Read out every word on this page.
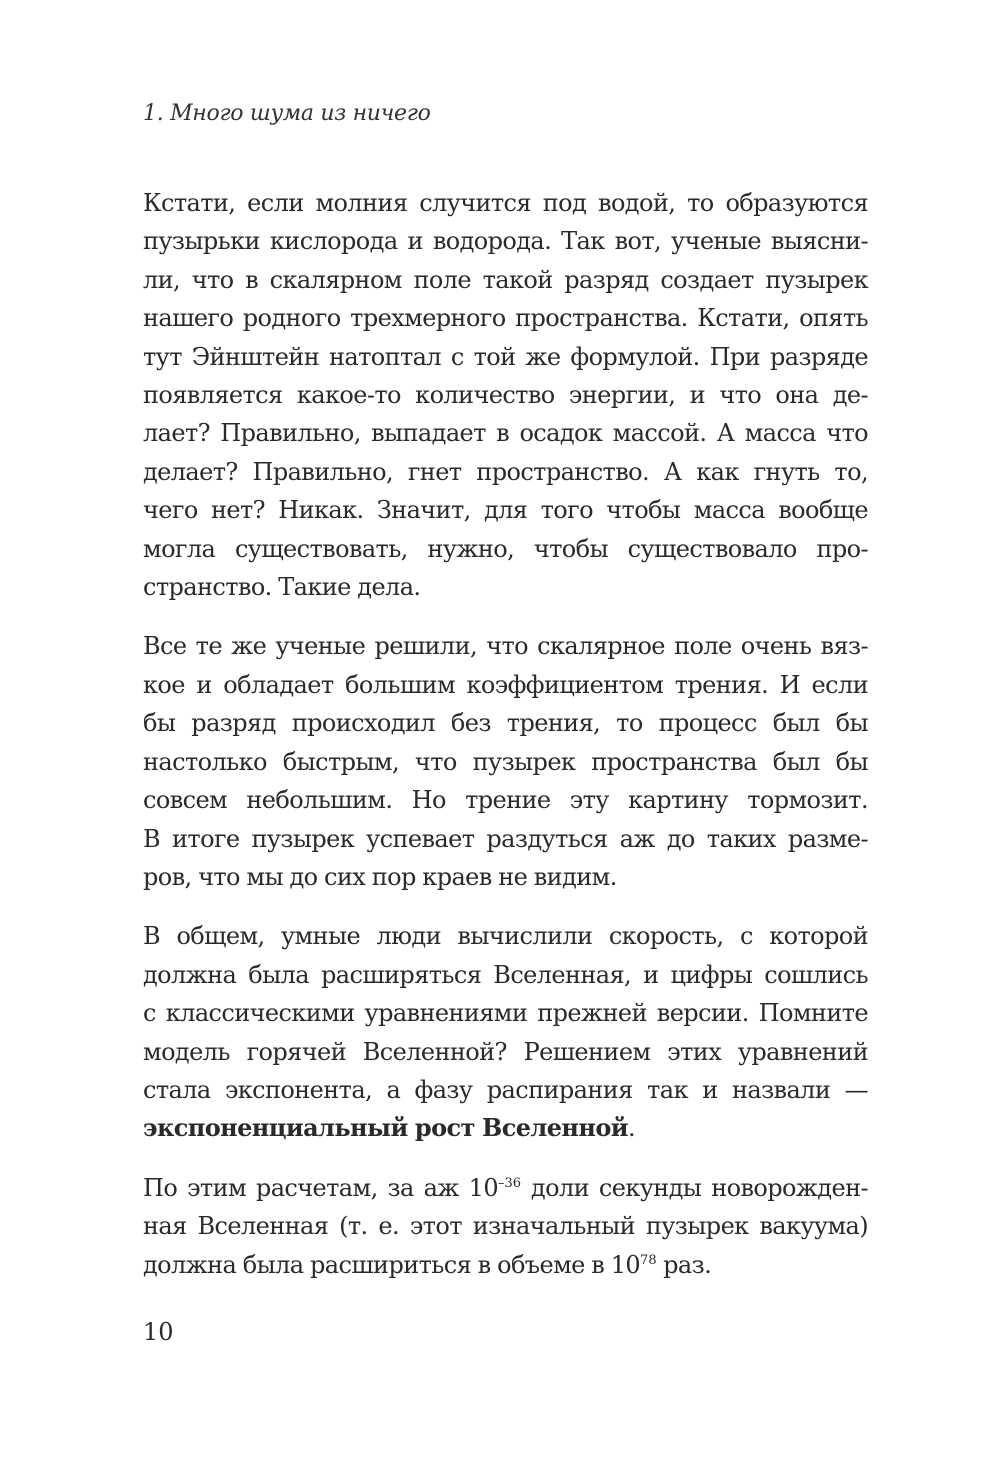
1. Много шума из ничего

Кстати, если молния случится под водой, то образуются
пузырьки кислорода и водорода. Так вот, ученые выясни-
ли, что в скалярном поле такой разряд создает пузырек
нашего родного трехмерного пространства. Кстати, опять
тут Эйнштейн натоптал с той же формулой. При разряде
появляется какое-то количество энергии, и что она де-
лает? Правильно, выпадает в осадок массой. А масса что
делает? Правильно, гнет пространство. А как гнуть то,
чего нет? Никак. Значит, для того чтобы масса вообще
могла существовать, нужно, чтобы существовало про-
странство. Такие дела.

Все те же ученые решили, что скалярное поле очень вяз-
кое и обладает большим коэффициентом трения. И если
бы разряд происходил без трения, то процесс был бы
настолько быстрым, что пузырек пространства был бы
совсем небольшим. Но трение эту картину тормозит.
В итоге пузырек успевает раздуться аж до таких разме-
ров, что мы до сих пор краев не видим.

В общем, умные люди вычислили скорость, с которой
должна была расширяться Вселенная, и цифры сошлись
с классическими уравнениями прежней версии. Помните
модель горячей Вселенной? Решением этих уравнений
стала экспонента, а фазу распирания так и назвали —
экспоненциальный рост Вселенной.

По этим расчетам, за аж $10^{-36}$ доли секунды новорожден-
ная Вселенная (т. е. этот изначальный пузырек вакуума)
должна была расшириться в объеме в $10^{78}$ раз.

10
